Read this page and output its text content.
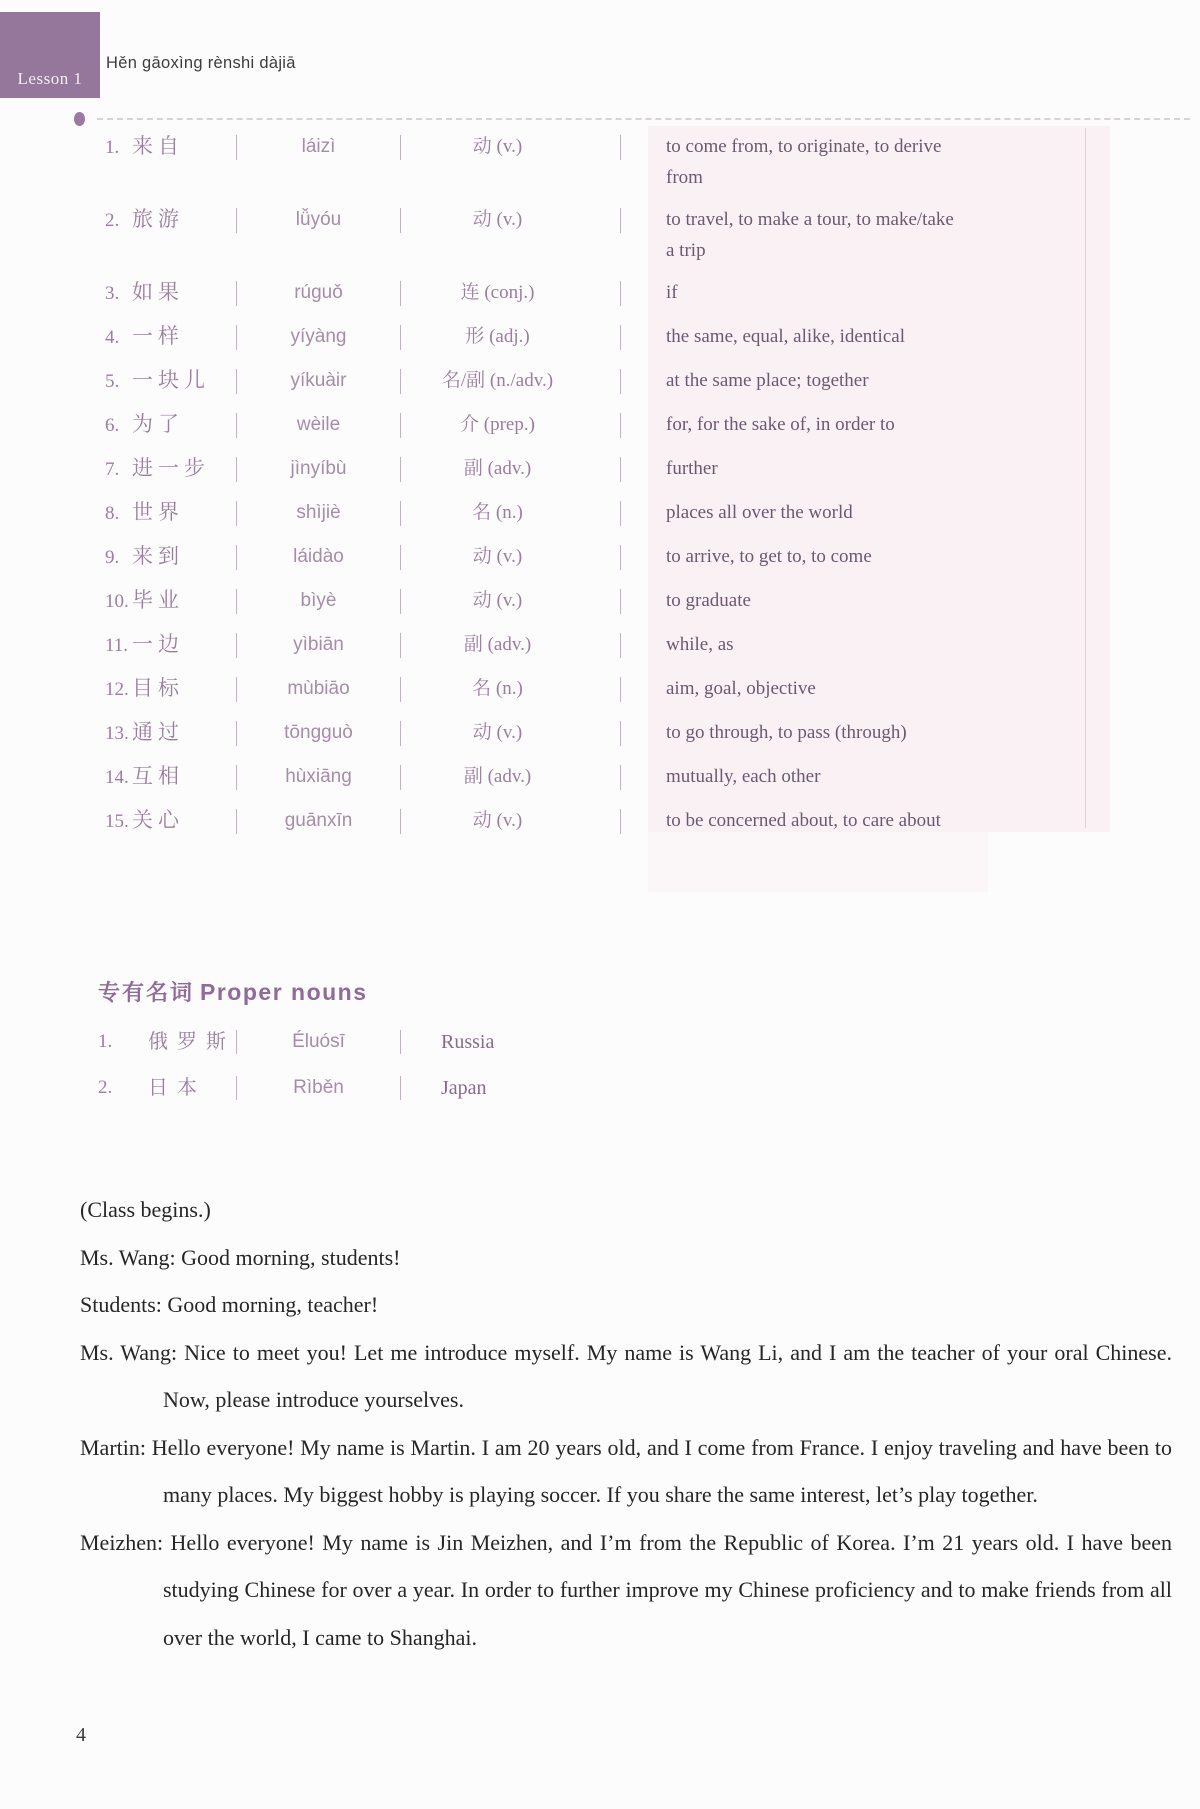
Lesson 1
Hěn gāoxìng rènshi dàjiā
1. 来自	láizì	动 (v.)	to come from, to originate, to derive from
2. 旅游	lǚyóu	动 (v.)	to travel, to make a tour, to make/take a trip
3. 如果	rúguǒ	连 (conj.)	if
4. 一样	yíyàng	形 (adj.)	the same, equal, alike, identical
5. 一块儿	yíkuàir	名/副 (n./adv.)	at the same place; together
6. 为了	wèile	介 (prep.)	for, for the sake of, in order to
7. 进一步	jìnyíbù	副 (adv.)	further
8. 世界	shìjiè	名 (n.)	places all over the world
9. 来到	láidào	动 (v.)	to arrive, to get to, to come
10. 毕业	bìyè	动 (v.)	to graduate
11. 一边	yìbiān	副 (adv.)	while, as
12. 目标	mùbiāo	名 (n.)	aim, goal, objective
13. 通过	tōngguò	动 (v.)	to go through, to pass (through)
14. 互相	hùxiāng	副 (adv.)	mutually, each other
15. 关心	guānxīn	动 (v.)	to be concerned about, to care about
专有名词 Proper nouns
1.	俄罗斯	Éluósī	Russia
2.	日本	Rìběn	Japan

(Class begins.)

Ms. Wang: Good morning, students!

Students: Good morning, teacher!

Ms. Wang: Nice to meet you! Let me introduce myself. My name is Wang Li, and I am the teacher of your oral Chinese. Now, please introduce yourselves.

Martin: Hello everyone! My name is Martin. I am 20 years old, and I come from France. I enjoy traveling and have been to many places. My biggest hobby is playing soccer. If you share the same interest, let’s play together.

Meizhen: Hello everyone! My name is Jin Meizhen, and I’m from the Republic of Korea. I’m 21 years old. I have been studying Chinese for over a year. In order to further improve my Chinese proficiency and to make friends from all over the world, I came to Shanghai.

4
